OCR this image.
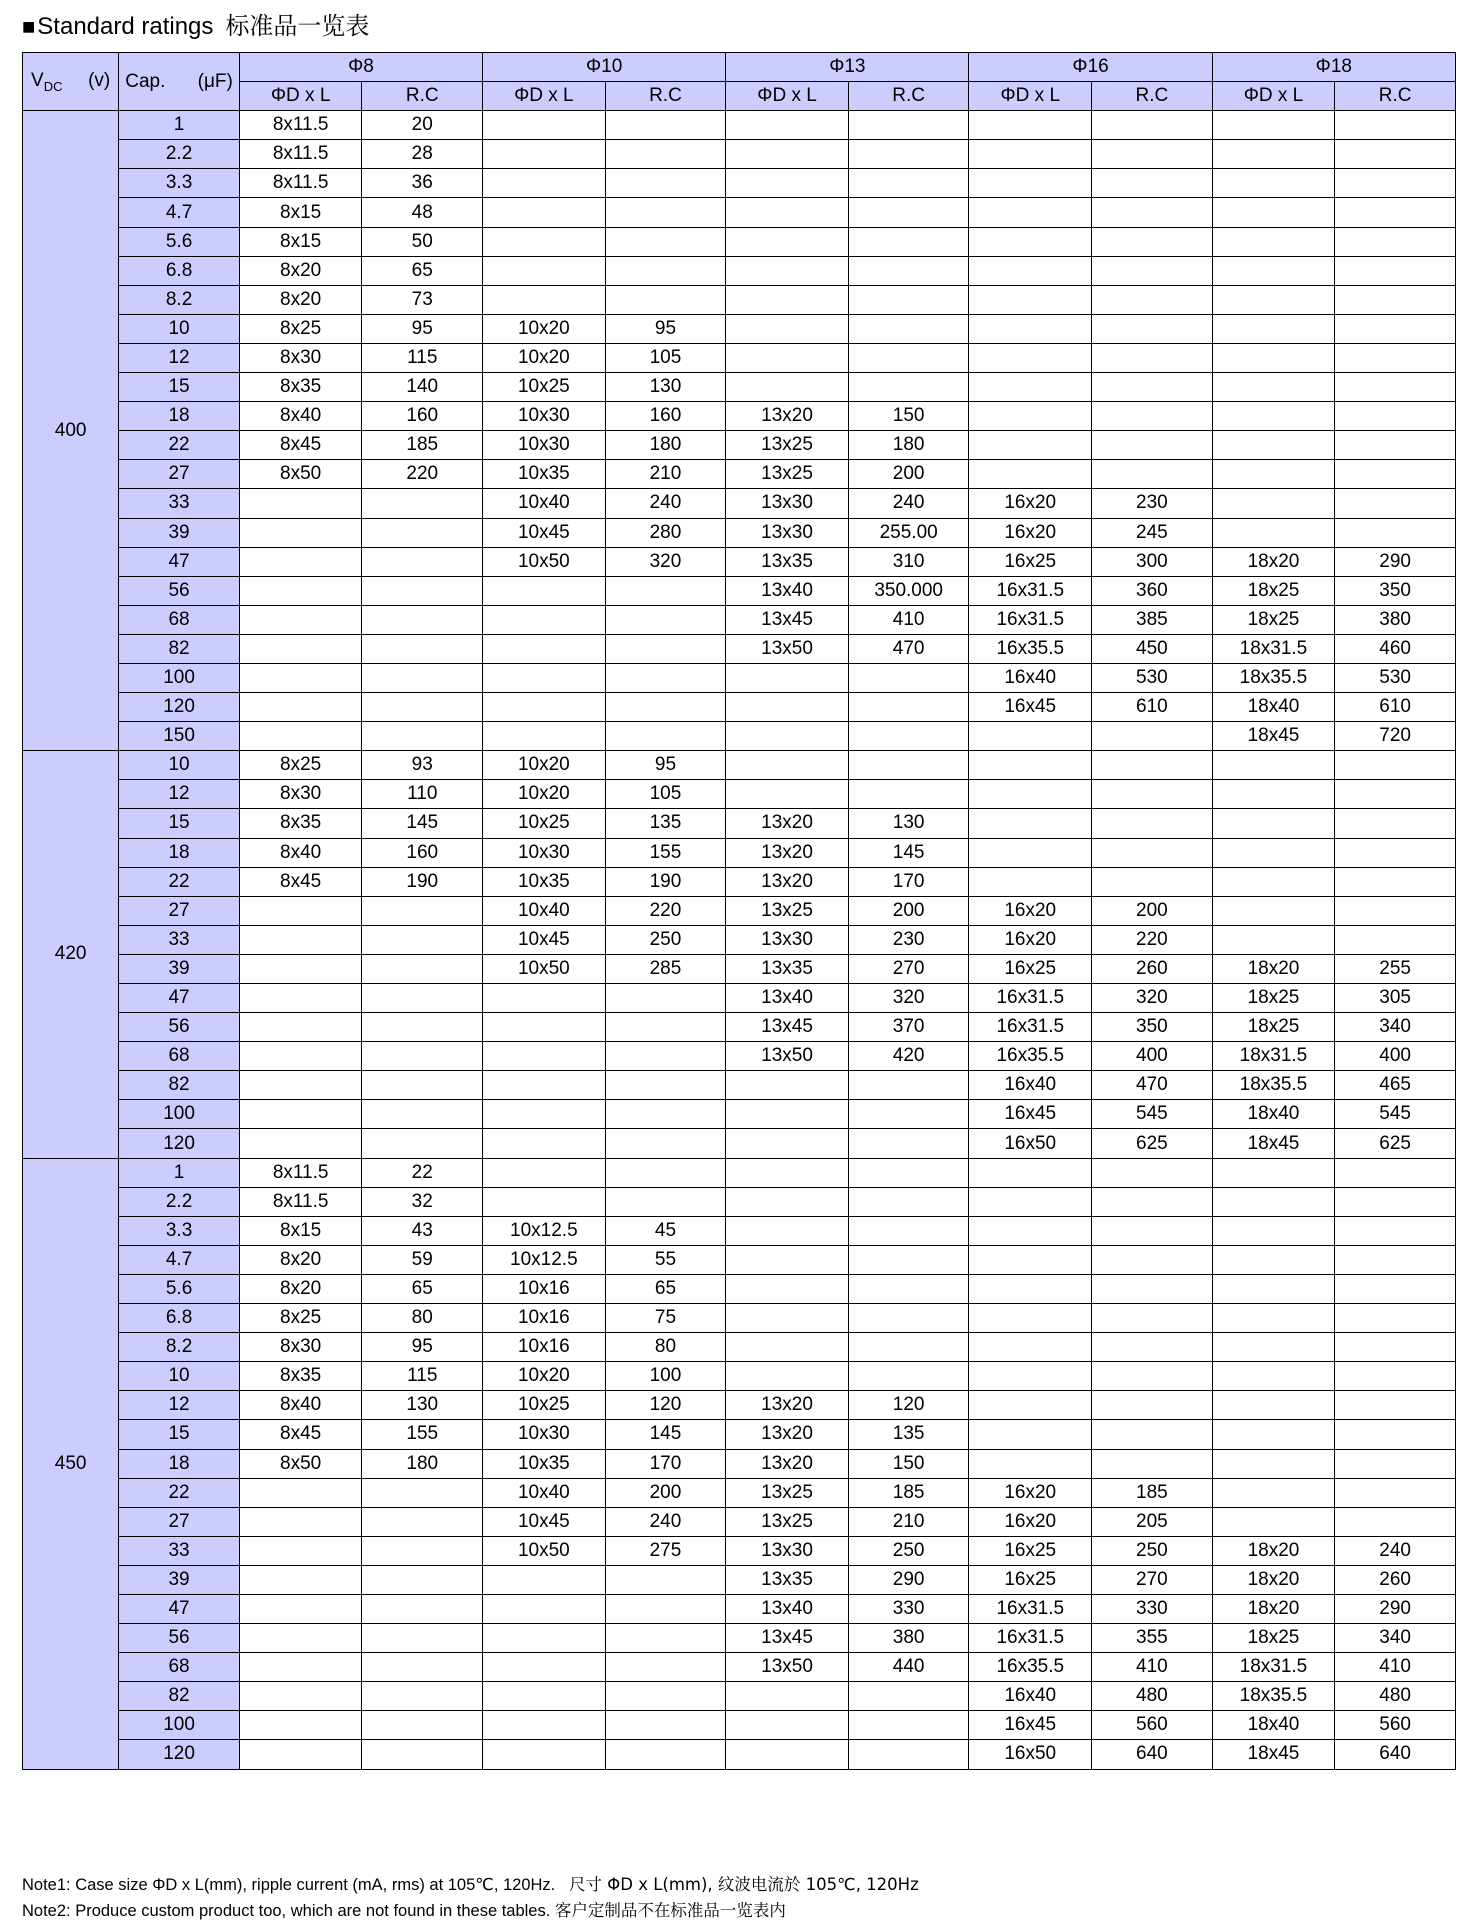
■Standard ratings 标准品一览表
$V_{DC}$ (v)	Cap. (μF)	Φ8		Φ10		Φ13		Φ16		Φ18	
		ΦD x L	R.C	ΦD x L	R.C	ΦD x L	R.C	ΦD x L	R.C	ΦD x L	R.C
400	1	8x11.5	20								
	2.2	8x11.5	28								
	3.3	8x11.5	36								
	4.7	8x15	48								
	5.6	8x15	50								
	6.8	8x20	65								
	8.2	8x20	73								
	10	8x25	95	10x20	95						
	12	8x30	115	10x20	105						
	15	8x35	140	10x25	130						
	18	8x40	160	10x30	160	13x20	150				
	22	8x45	185	10x30	180	13x25	180				
	27	8x50	220	10x35	210	13x25	200				
	33			10x40	240	13x30	240	16x20	230		
	39			10x45	280	13x30	255.00	16x20	245		
	47			10x50	320	13x35	310	16x25	300	18x20	290
	56					13x40	350.000	16x31.5	360	18x25	350
	68					13x45	410	16x31.5	385	18x25	380
	82					13x50	470	16x35.5	450	18x31.5	460
	100							16x40	530	18x35.5	530
	120							16x45	610	18x40	610
	150									18x45	720
420	10	8x25	93	10x20	95						
	12	8x30	110	10x20	105						
	15	8x35	145	10x25	135	13x20	130				
	18	8x40	160	10x30	155	13x20	145				
	22	8x45	190	10x35	190	13x20	170				
	27			10x40	220	13x25	200	16x20	200		
	33			10x45	250	13x30	230	16x20	220		
	39			10x50	285	13x35	270	16x25	260	18x20	255
	47					13x40	320	16x31.5	320	18x25	305
	56					13x45	370	16x31.5	350	18x25	340
	68					13x50	420	16x35.5	400	18x31.5	400
	82							16x40	470	18x35.5	465
	100							16x45	545	18x40	545
	120							16x50	625	18x45	625
450	1	8x11.5	22								
	2.2	8x11.5	32								
	3.3	8x15	43	10x12.5	45						
	4.7	8x20	59	10x12.5	55						
	5.6	8x20	65	10x16	65						
	6.8	8x25	80	10x16	75						
	8.2	8x30	95	10x16	80						
	10	8x35	115	10x20	100						
	12	8x40	130	10x25	120	13x20	120				
	15	8x45	155	10x30	145	13x20	135				
	18	8x50	180	10x35	170	13x20	150				
	22			10x40	200	13x25	185	16x20	185		
	27			10x45	240	13x25	210	16x20	205		
	33			10x50	275	13x30	250	16x25	250	18x20	240
	39					13x35	290	16x25	270	18x20	260
	47					13x40	330	16x31.5	330	18x20	290
	56					13x45	380	16x31.5	355	18x25	340
	68					13x50	440	16x35.5	410	18x31.5	410
	82							16x40	480	18x35.5	480
	100							16x45	560	18x40	560
	120							16x50	640	18x45	640
Note1: Case size ΦD x L(mm), ripple current (mA, rms) at 105℃, 120Hz. 尺寸 ΦD x L(mm), 纹波电流於 105℃, 120Hz
Note2: Produce custom product too, which are not found in these tables. 客户定制品不在标准品一览表内
